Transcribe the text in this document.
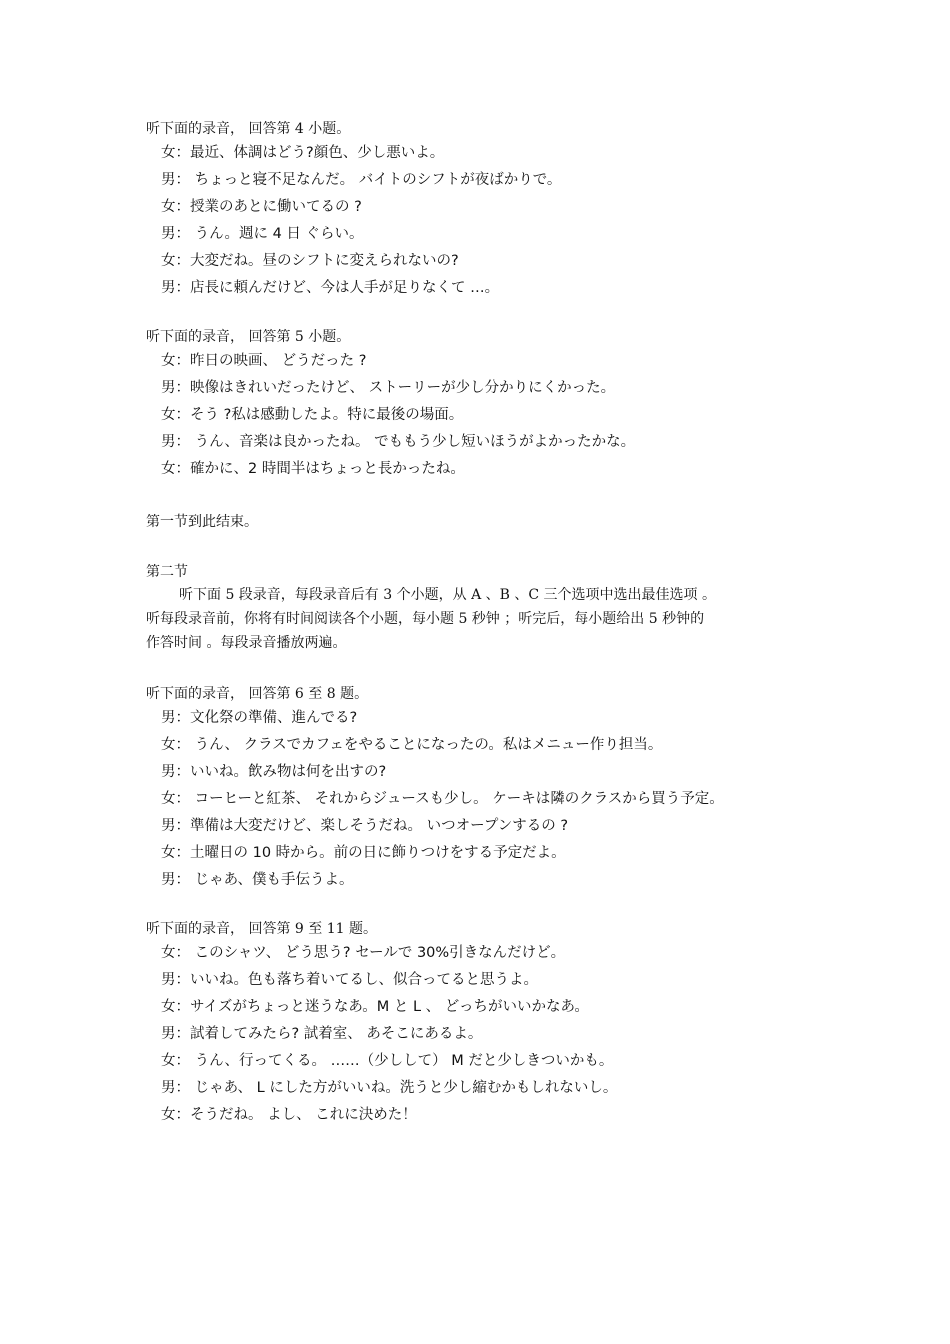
听下面的录音， 回答第 4 小题。

女：最近、体調はどう?顔色、少し悪いよ。
男： ちょっと寝不足なんだ。 バイトのシフトが夜ばかりで。
女：授業のあとに働いてるの ?
男： うん。週に 4 日 ぐらい。
女：大変だね。昼のシフトに変えられないの?
男：店長に頼んだけど、今は人手が足りなくて …。

听下面的录音， 回答第 5 小题。

女：昨日の映画、 どうだった ?
男：映像はきれいだったけど、 ストーリーが少し分かりにくかった。
女：そう ?私は感動したよ。特に最後の場面。
男： うん、音楽は良かったね。 でももう少し短いほうがよかったかな。
女：確かに、2 時間半はちょっと長かったね。

第一节到此结束。

第二节

听下面 5 段录音，每段录音后有 3 个小题，从 A 、B 、C 三个选项中选出最佳选项 。
听每段录音前，你将有时间阅读各个小题，每小题 5 秒钟 ；听完后，每小题给出 5 秒钟的
作答时间 。每段录音播放两遍。

听下面的录音， 回答第 6 至 8 题。

男：文化祭の準備、進んでる?
女： うん、 クラスでカフェをやることになったの。私はメニュー作り担当。
男：いいね。飲み物は何を出すの?
女： コーヒーと紅茶、 それからジュースも少し。 ケーキは隣のクラスから買う予定。
男：準備は大変だけど、楽しそうだね。 いつオープンするの ?
女：土曜日の 10 時から。前の日に飾りつけをする予定だよ。
男： じゃあ、僕も手伝うよ。

听下面的录音， 回答第 9 至 11 题。

女： このシャツ、 どう思う? セールで 30%引きなんだけど。
男：いいね。色も落ち着いてるし、似合ってると思うよ。
女：サイズがちょっと迷うなあ。M と L 、 どっちがいいかなあ。
男：試着してみたら? 試着室、 あそこにあるよ。
女： うん、行ってくる。 ……（少しして） M だと少しきついかも。
男： じゃあ、 L にした方がいいね。洗うと少し縮むかもしれないし。
女：そうだね。 よし、 これに決めた！
